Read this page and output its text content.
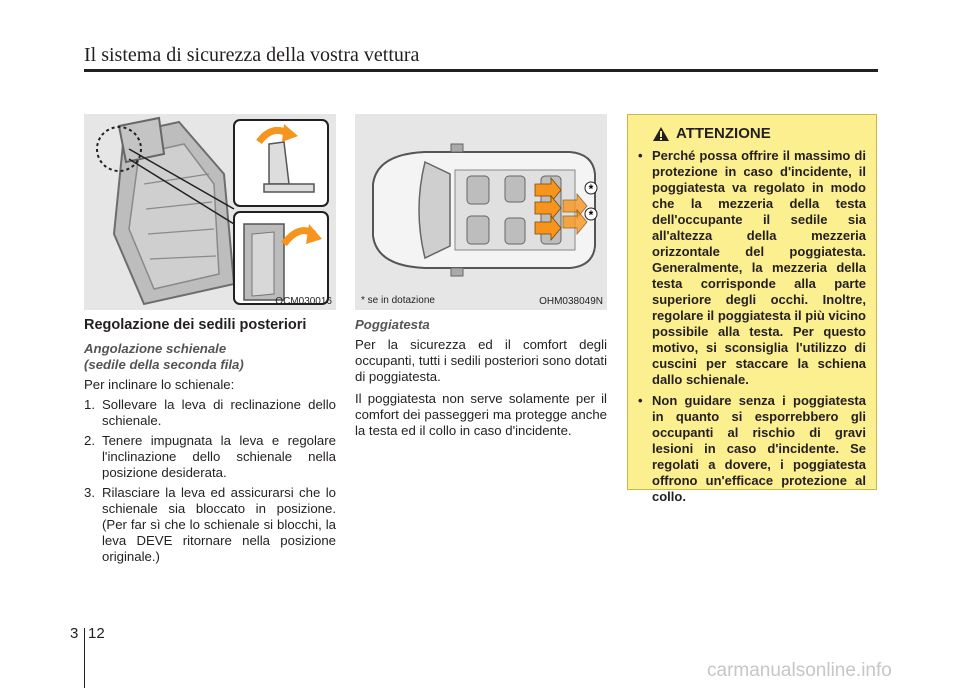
Il sistema di sicurezza della vostra vettura
OCM030016
*
*
* se in dotazione	OHM038049N
Regolazione dei sedili posteriori
Angolazione schienale
(sedile della seconda fila)

Per inclinare lo schienale:

1. Sollevare la leva di reclinazione dello schienale.
2. Tenere impugnata la leva e regolare l'inclinazione dello schienale nella posizione desiderata.
3. Rilasciare la leva ed assicurarsi che lo schienale sia bloccato in posizione. (Per far sì che lo schienale si blocchi, la leva DEVE ritornare nella posizione originale.)
Poggiatesta

Per la sicurezza ed il comfort degli occupanti, tutti i sedili posteriori sono dotati di poggiatesta.

Il poggiatesta non serve solamente per il comfort dei passeggeri ma protegge anche la testa ed il collo in caso d'incidente.

ATTENZIONE
• Perché possa offrire il massimo di protezione in caso d'incidente, il poggiatesta va regolato in modo che la mezzeria della testa dell'occupante il sedile sia all'altezza della mezzeria orizzontale del poggiatesta. Generalmente, la mezzeria della testa corrisponde alla parte superiore degli occhi. Inoltre, regolare il poggiatesta il più vicino possibile alla testa. Per questo motivo, si sconsiglia l'utilizzo di cuscini per staccare la schiena dallo schienale.
• Non guidare senza i poggiatesta in quanto si esporrebbero gli occupanti al rischio di gravi lesioni in caso d'incidente. Se regolati a dovere, i poggiatesta offrono un'efficace protezione al collo.
3 12
carmanualsonline.info
